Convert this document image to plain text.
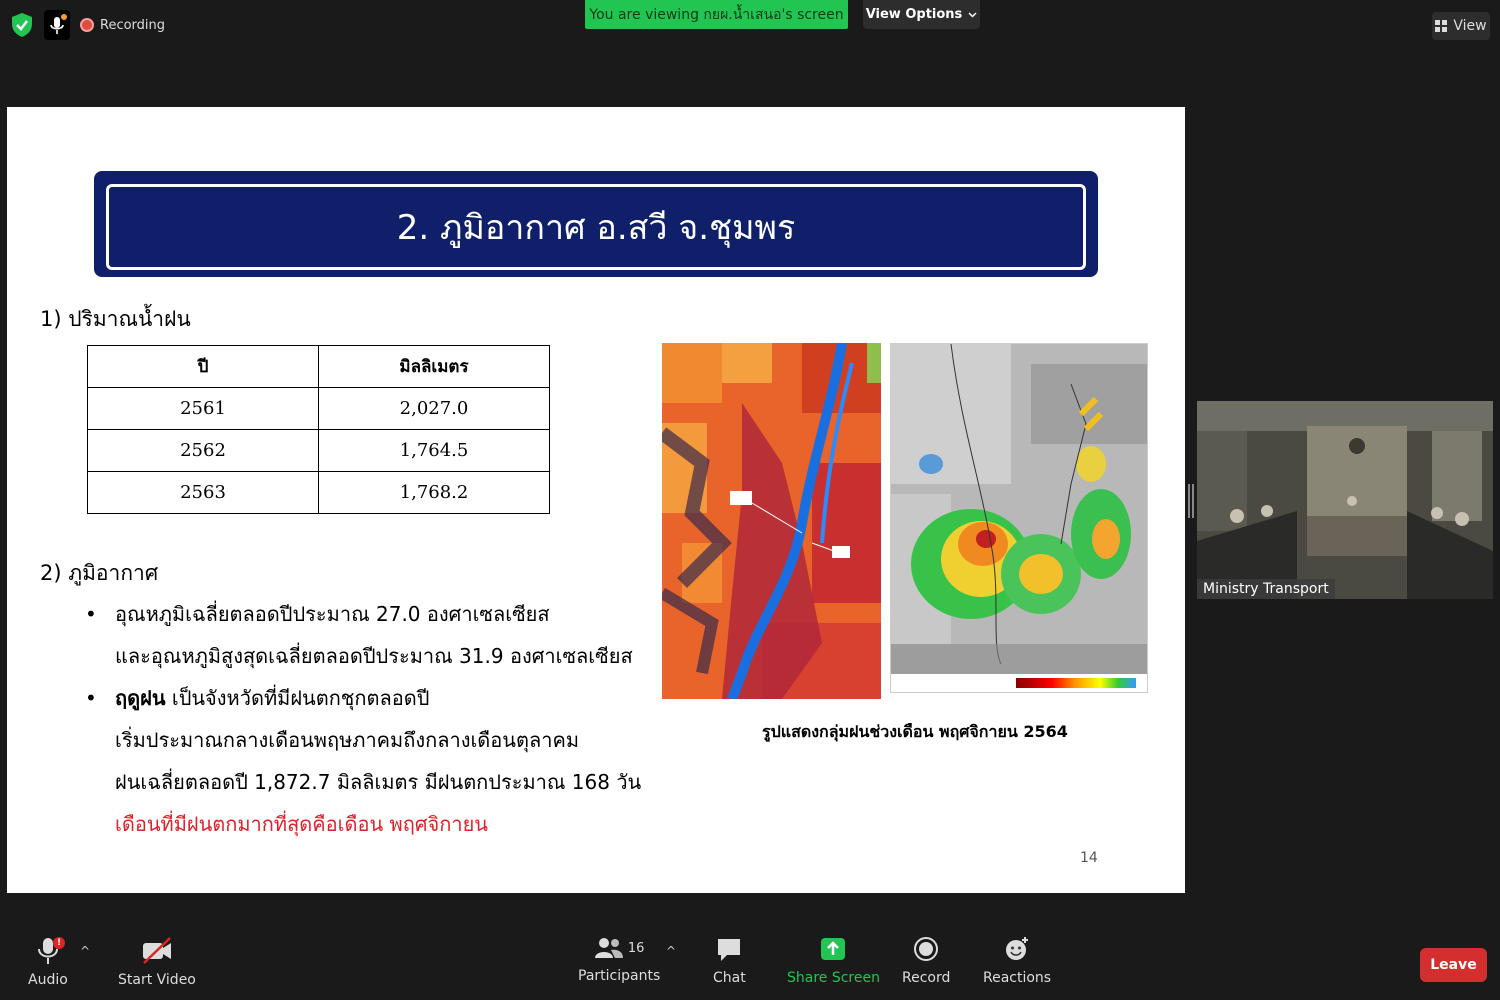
Recording
You are viewing กยผ.น้ำเสนอ's screen	View Options
View
2. ภูมิอากาศ อ.สวี จ.ชุมพร
1) ปริมาณน้ำฝน
ปี	มิลลิเมตร
2561	2,027.0
2562	1,764.5
2563	1,768.2
2) ภูมิอากาศ
• อุณหภูมิเฉลี่ยตลอดปีประมาณ 27.0 องศาเซลเซียส
และอุณหภูมิสูงสุดเฉลี่ยตลอดปีประมาณ 31.9 องศาเซลเซียส
• ฤดูฝน เป็นจังหวัดที่มีฝนตกชุกตลอดปี
เริ่มประมาณกลางเดือนพฤษภาคมถึงกลางเดือนตุลาคม
ฝนเฉลี่ยตลอดปี 1,872.7 มิลลิเมตร มีฝนตกประมาณ 168 วัน
เดือนที่มีฝนตกมากที่สุดคือเดือน พฤศจิกายน
รูปแสดงกลุ่มฝนช่วงเดือน พฤศจิกายน 2564
14
Ministry Transport
Audio
!
^
Start Video
16
Participants
^
Chat	Share Screen Record Reactions
Leave
